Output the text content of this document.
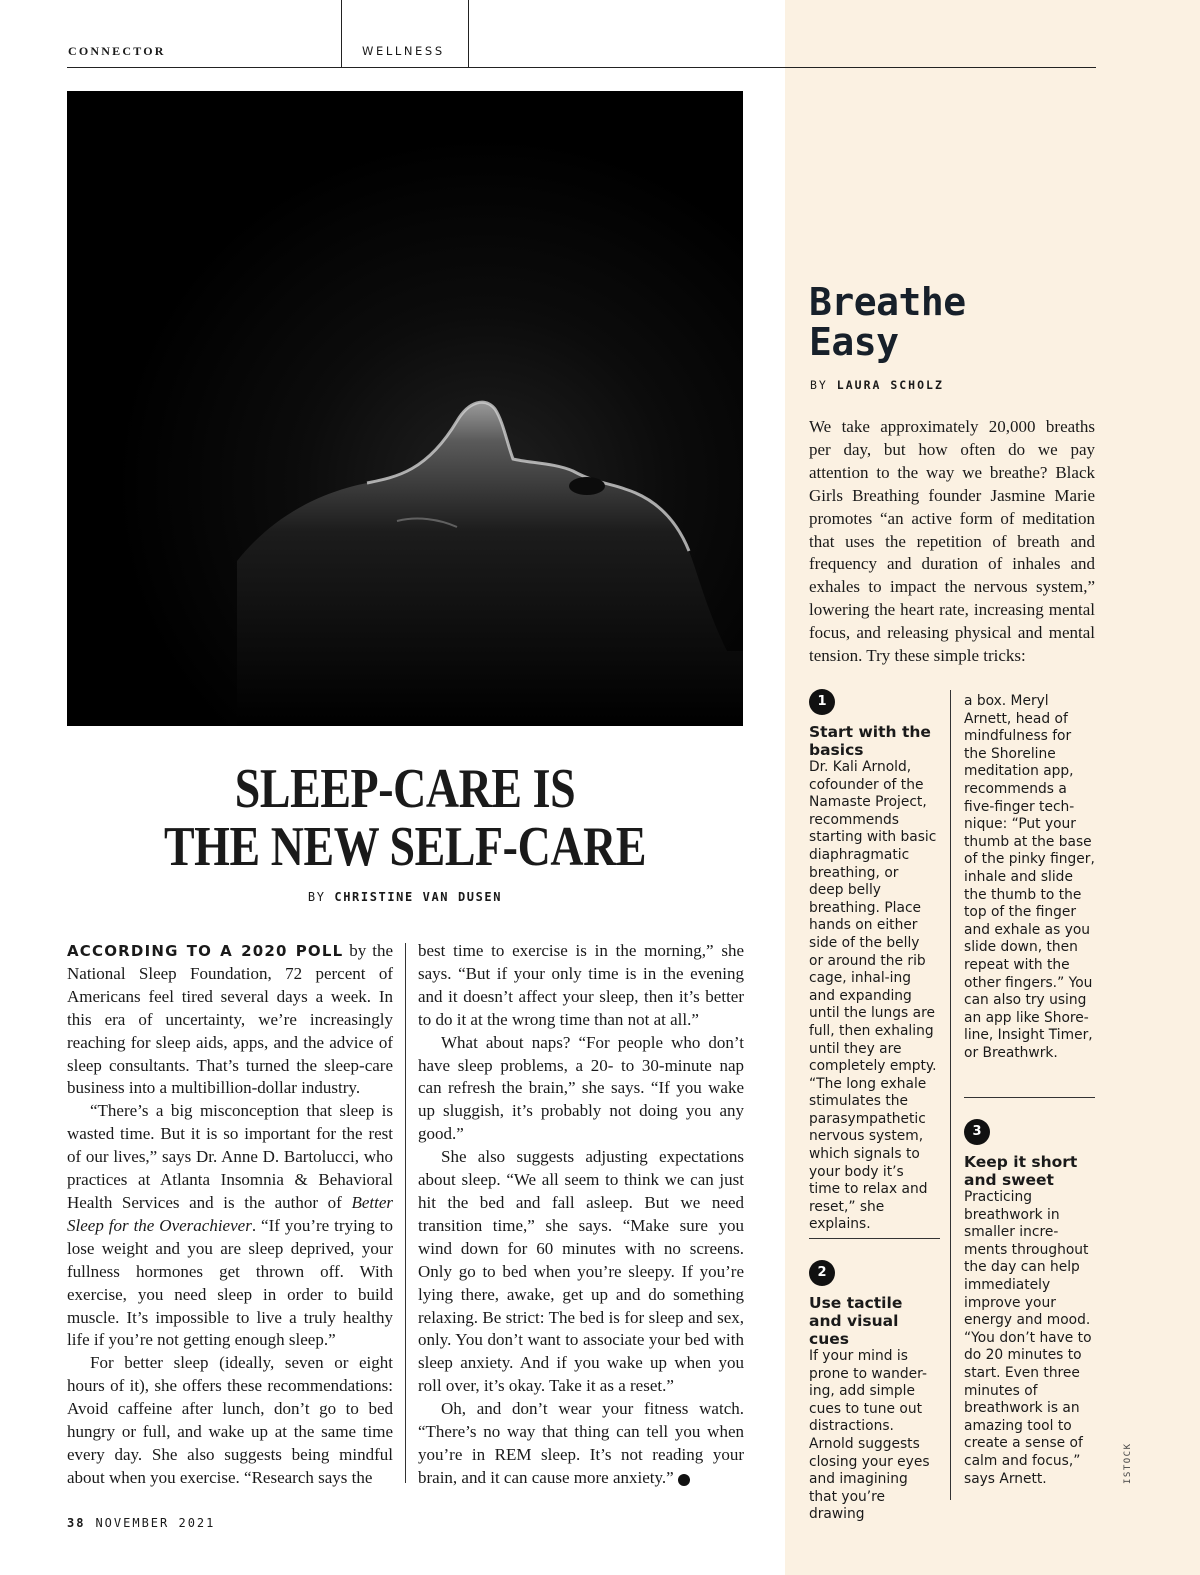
CONNECTOR	WELLNESS
SLEEP-CARE IS
THE NEW SELF-CARE
BY CHRISTINE VAN DUSEN

ACCORDING TO A 2020 POLL by the National Sleep Foundation, 72 percent of Americans feel tired several days a week. In this era of uncertainty, we’re increasingly reaching for sleep aids, apps, and the advice of sleep consultants. That’s turned the sleep-care business into a multibillion-dollar industry.

“There’s a big misconception that sleep is wasted time. But it is so important for the rest of our lives,” says Dr. Anne D. Bartolucci, who practices at Atlanta Insomnia & Behavioral Health Services and is the author of Better Sleep for the Overachiever. “If you’re trying to lose weight and you are sleep deprived, your fullness hormones get thrown off. With exercise, you need sleep in order to build muscle. It’s impossible to live a truly healthy life if you’re not getting enough sleep.”

For better sleep (ideally, seven or eight hours of it), she offers these recommendations: Avoid caffeine after lunch, don’t go to bed hungry or full, and wake up at the same time every day. She also suggests being mindful about when you exercise. “Research says the

best time to exercise is in the morning,” she says. “But if your only time is in the evening and it doesn’t affect your sleep, then it’s better to do it at the wrong time than not at all.”

What about naps? “For people who don’t have sleep problems, a 20- to 30-minute nap can refresh the brain,” she says. “If you wake up sluggish, it’s probably not doing you any good.”

She also suggests adjusting expectations about sleep. “We all seem to think we can just hit the bed and fall asleep. But we need transition time,” she says. “Make sure you wind down for 60 minutes with no screens. Only go to bed when you’re sleepy. If you’re lying there, awake, get up and do something relaxing. Be strict: The bed is for sleep and sex, only. You don’t want to associate your bed with sleep anxiety. And if you wake up when you roll over, it’s okay. Take it as a reset.”

Oh, and don’t wear your fitness watch. “There’s no way that thing can tell you when you’re in REM sleep. It’s not reading your brain, and it can cause more anxiety.”	A

38 NOVEMBER 2021
Breathe
Easy
BY LAURA SCHOLZ

We take approximately 20,000 breaths per day, but how often do we pay attention to the way we breathe? Black Girls Breathing founder Jasmine Marie promotes “an active form of meditation that uses the repetition of breath and frequency and duration of inhales and exhales to impact the nervous system,” lowering the heart rate, increasing mental focus, and releasing physical and mental tension. Try these simple tricks:

1
Start with the basics
Dr. Kali Arnold, cofounder of the Namaste Project, recommends starting with basic diaphragmatic breathing, or deep belly breathing. Place hands on either side of the belly or around the rib cage, inhal-ing and expanding until the lungs are full, then exhaling until they are completely empty. “The long exhale stimulates the parasympathetic nervous system, which signals to your body it’s time to relax and reset,” she explains.
2
Use tactile and visual cues
If your mind is prone to wander-ing, add simple cues to tune out distractions. Arnold suggests closing your eyes and imagining that you’re drawing
a box. Meryl Arnett, head of mindfulness for the Shoreline meditation app, recommends a five-finger tech-nique: “Put your thumb at the base of the pinky finger, inhale and slide the thumb to the top of the finger and exhale as you slide down, then repeat with the other fingers.” You can also try using an app like Shore-line, Insight Timer, or Breathwrk.
3
Keep it short and sweet
Practicing breathwork in smaller incre-ments throughout the day can help immediately improve your energy and mood. “You don’t have to do 20 minutes to start. Even three minutes of breathwork is an amazing tool to create a sense of calm and focus,” says Arnett.	ISTOCK
